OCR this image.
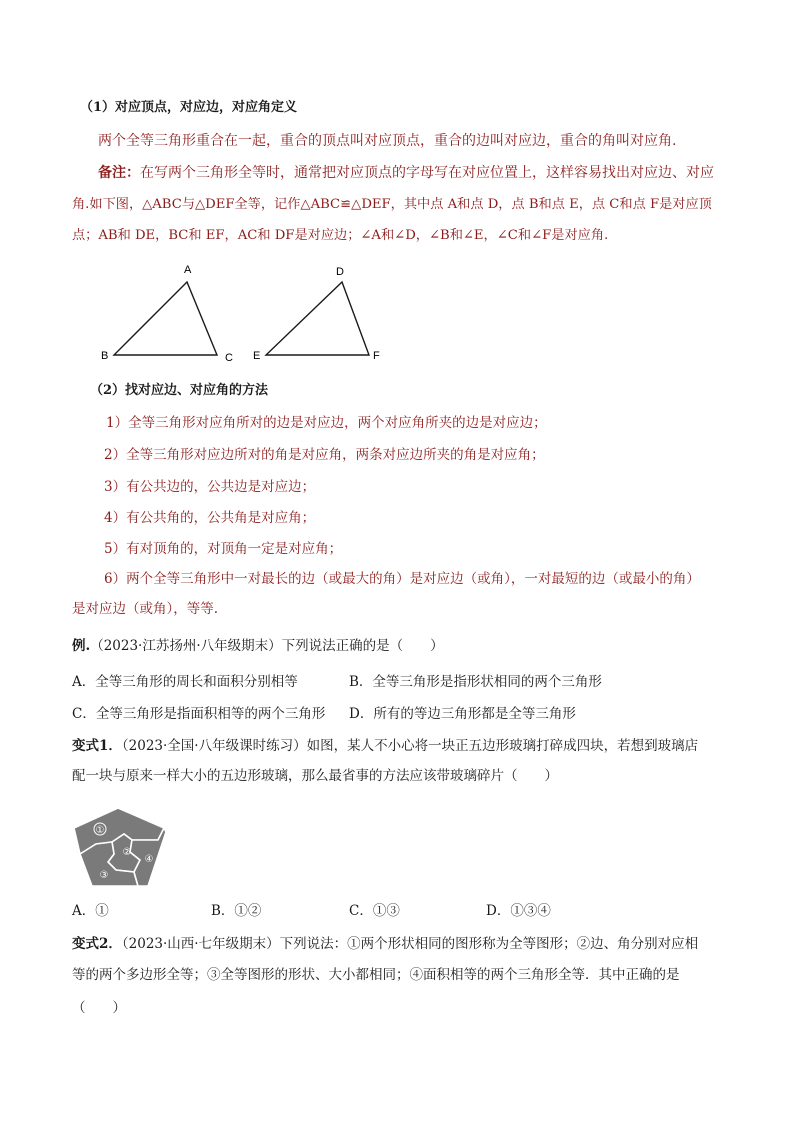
（1）对应顶点，对应边，对应角定义
两个全等三角形重合在一起，重合的顶点叫对应顶点，重合的边叫对应边，重合的角叫对应角.
备注：在写两个三角形全等时，通常把对应顶点的字母写在对应位置上，这样容易找出对应边、对应
角.如下图，△ABC与△DEF全等，记作△ABC≌△DEF，其中点 A和点 D，点 B和点 E，点 C和点 F是对应顶
点；AB和 DE，BC和 EF，AC和 DF是对应边；∠A和∠D，∠B和∠E，∠C和∠F是对应角.
A
B	C
D
E	F
（2）找对应边、对应角的方法
1）全等三角形对应角所对的边是对应边，两个对应角所夹的边是对应边；
2）全等三角形对应边所对的角是对应角，两条对应边所夹的角是对应角；
3）有公共边的，公共边是对应边；
4）有公共角的，公共角是对应角；
5）有对顶角的，对顶角一定是对应角；
6）两个全等三角形中一对最长的边（或最大的角）是对应边（或角），一对最短的边（或最小的角）
是对应边（或角），等等.
例.（2023·江苏扬州·八年级期末）下列说法正确的是（　　）
A．全等三角形的周长和面积分别相等	B．全等三角形是指形状相同的两个三角形
C．全等三角形是指面积相等的两个三角形 D．所有的等边三角形都是全等三角形
变式1．（2023·全国·八年级课时练习）如图，某人不小心将一块正五边形玻璃打碎成四块，若想到玻璃店
配一块与原来一样大小的五边形玻璃，那么最省事的方法应该带玻璃碎片（　　）
①
②
③
④
A．①	B．①②	C．①③	D．①③④
变式2．（2023·山西·七年级期末）下列说法：①两个形状相同的图形称为全等图形；②边、角分别对应相
等的两个多边形全等；③全等图形的形状、大小都相同；④面积相等的两个三角形全等．其中正确的是
（　　）
